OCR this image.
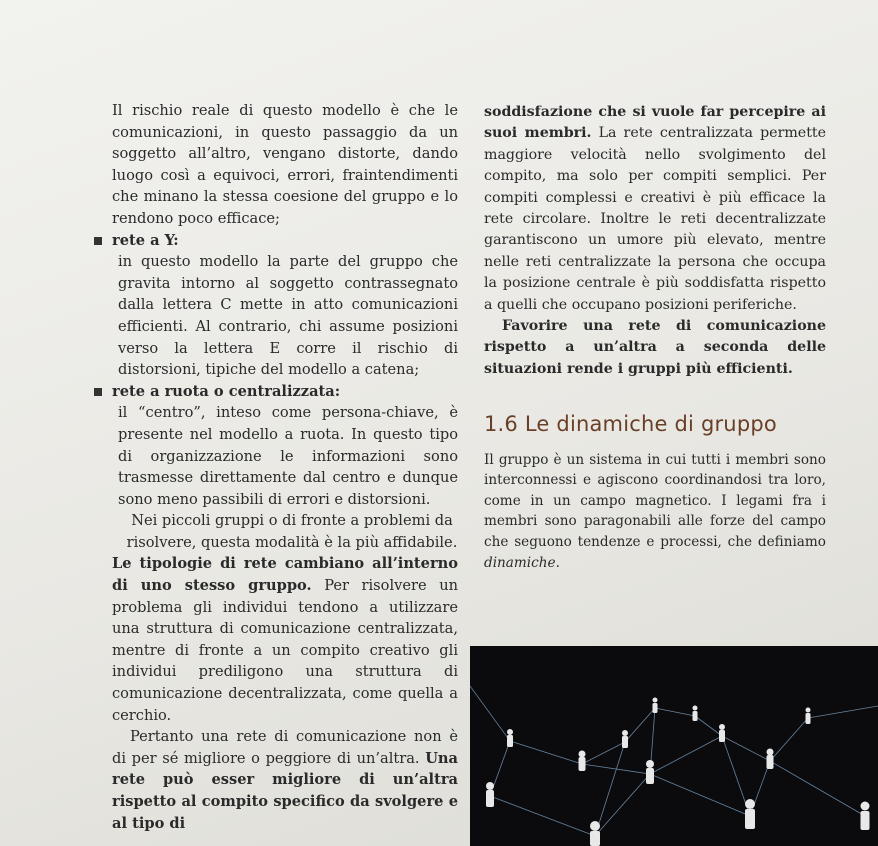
Il rischio reale di questo modello è che le comunicazioni, in questo passaggio da un soggetto all’altro, vengano distorte, dando luogo così a equivoci, errori, fraintendimenti che minano la stessa coesione del gruppo e lo rendono poco efficace;

rete a Y:

in questo modello la parte del gruppo che gravita intorno al soggetto contrassegnato dalla lettera C mette in atto comunicazioni efficienti. Al contrario, chi assume posizioni verso la lettera E corre il rischio di distorsioni, tipiche del modello a catena;

rete a ruota o centralizzata:

il “centro”, inteso come persona-chiave, è presente nel modello a ruota. In questo tipo di organizzazione le informazioni sono trasmesse direttamente dal centro e dunque sono meno passibili di errori e distorsioni.

Nei piccoli gruppi o di fronte a problemi da risolvere, questa modalità è la più affidabile.

Le tipologie di rete cambiano all’interno di uno stesso gruppo. Per risolvere un problema gli individui tendono a utilizzare una struttura di comunicazione centralizzata, mentre di fronte a un compito creativo gli individui prediligono una struttura di comunicazione decentralizzata, come quella a cerchio.

Pertanto una rete di comunicazione non è di per sé migliore o peggiore di un’altra. Una rete può esser migliore di un’altra rispetto al compito specifico da svolgere e al tipo di

soddisfazione che si vuole far percepire ai suoi membri. La rete centralizzata permette maggiore velocità nello svolgimento del compito, ma solo per compiti semplici. Per compiti complessi e creativi è più efficace la rete circolare. Inoltre le reti decentralizzate garantiscono un umore più elevato, mentre nelle reti centralizzate la persona che occupa la posizione centrale è più soddisfatta rispetto a quelli che occupano posizioni periferiche.

Favorire una rete di comunicazione rispetto a un’altra a seconda delle situazioni rende i gruppi più efficienti.

1.6 Le dinamiche di gruppo

Il gruppo è un sistema in cui tutti i membri sono interconnessi e agiscono coordinandosi tra loro, come in un campo magnetico. I legami fra i membri sono paragonabili alle forze del campo che seguono tendenze e processi, che definiamo dinamiche.
